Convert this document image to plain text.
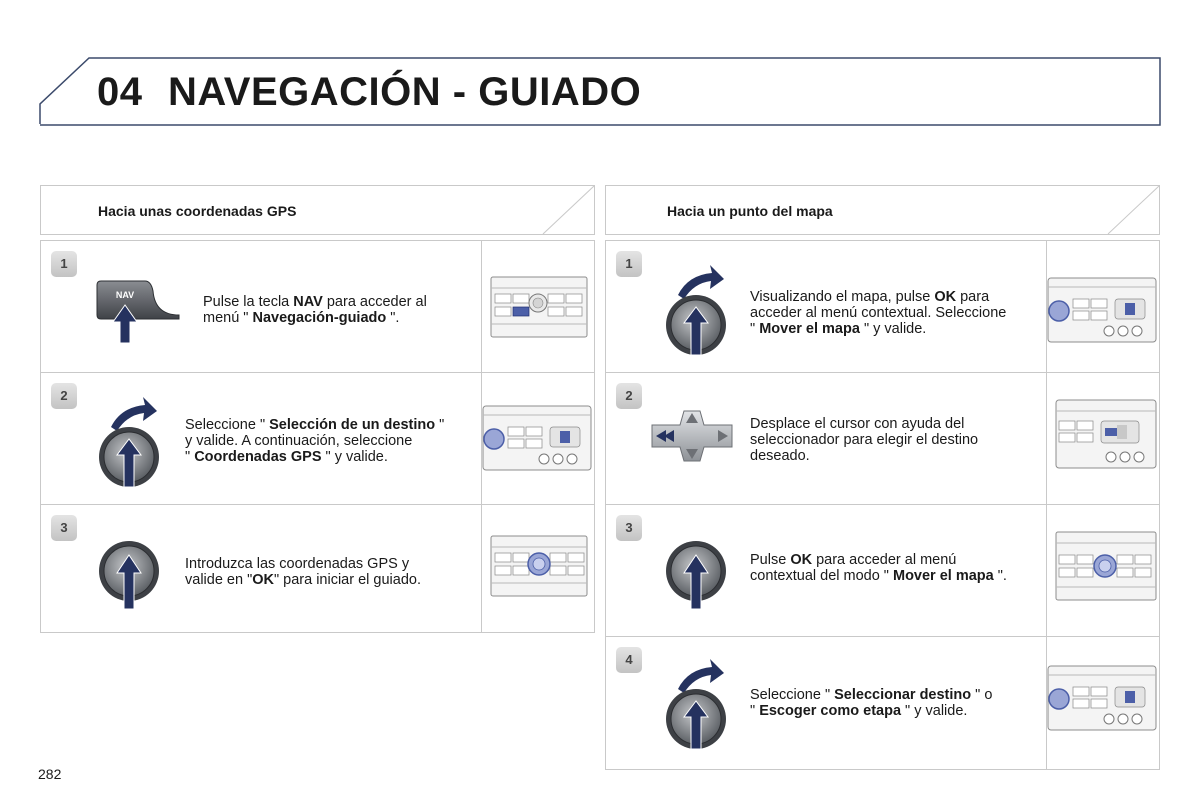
04 NAVEGACIÓN - GUIADO
Hacia unas coordenadas GPS
1
NAV	Pulse la tecla NAV para acceder al
menú " Navegación-guiado ".
2
Seleccione " Selección de un destino "
y valide. A continuación, seleccione
" Coordenadas GPS " y valide.
3
Introduzca las coordenadas GPS y
valide en "OK" para iniciar el guiado.
Hacia un punto del mapa
1
Visualizando el mapa, pulse OK para
acceder al menú contextual. Seleccione
" Mover el mapa " y valide.
2
Desplace el cursor con ayuda del
seleccionador para elegir el destino
deseado.
3
Pulse OK para acceder al menú
contextual del modo " Mover el mapa ".
4
Seleccione " Seleccionar destino " o
" Escoger como etapa " y valide.
282
